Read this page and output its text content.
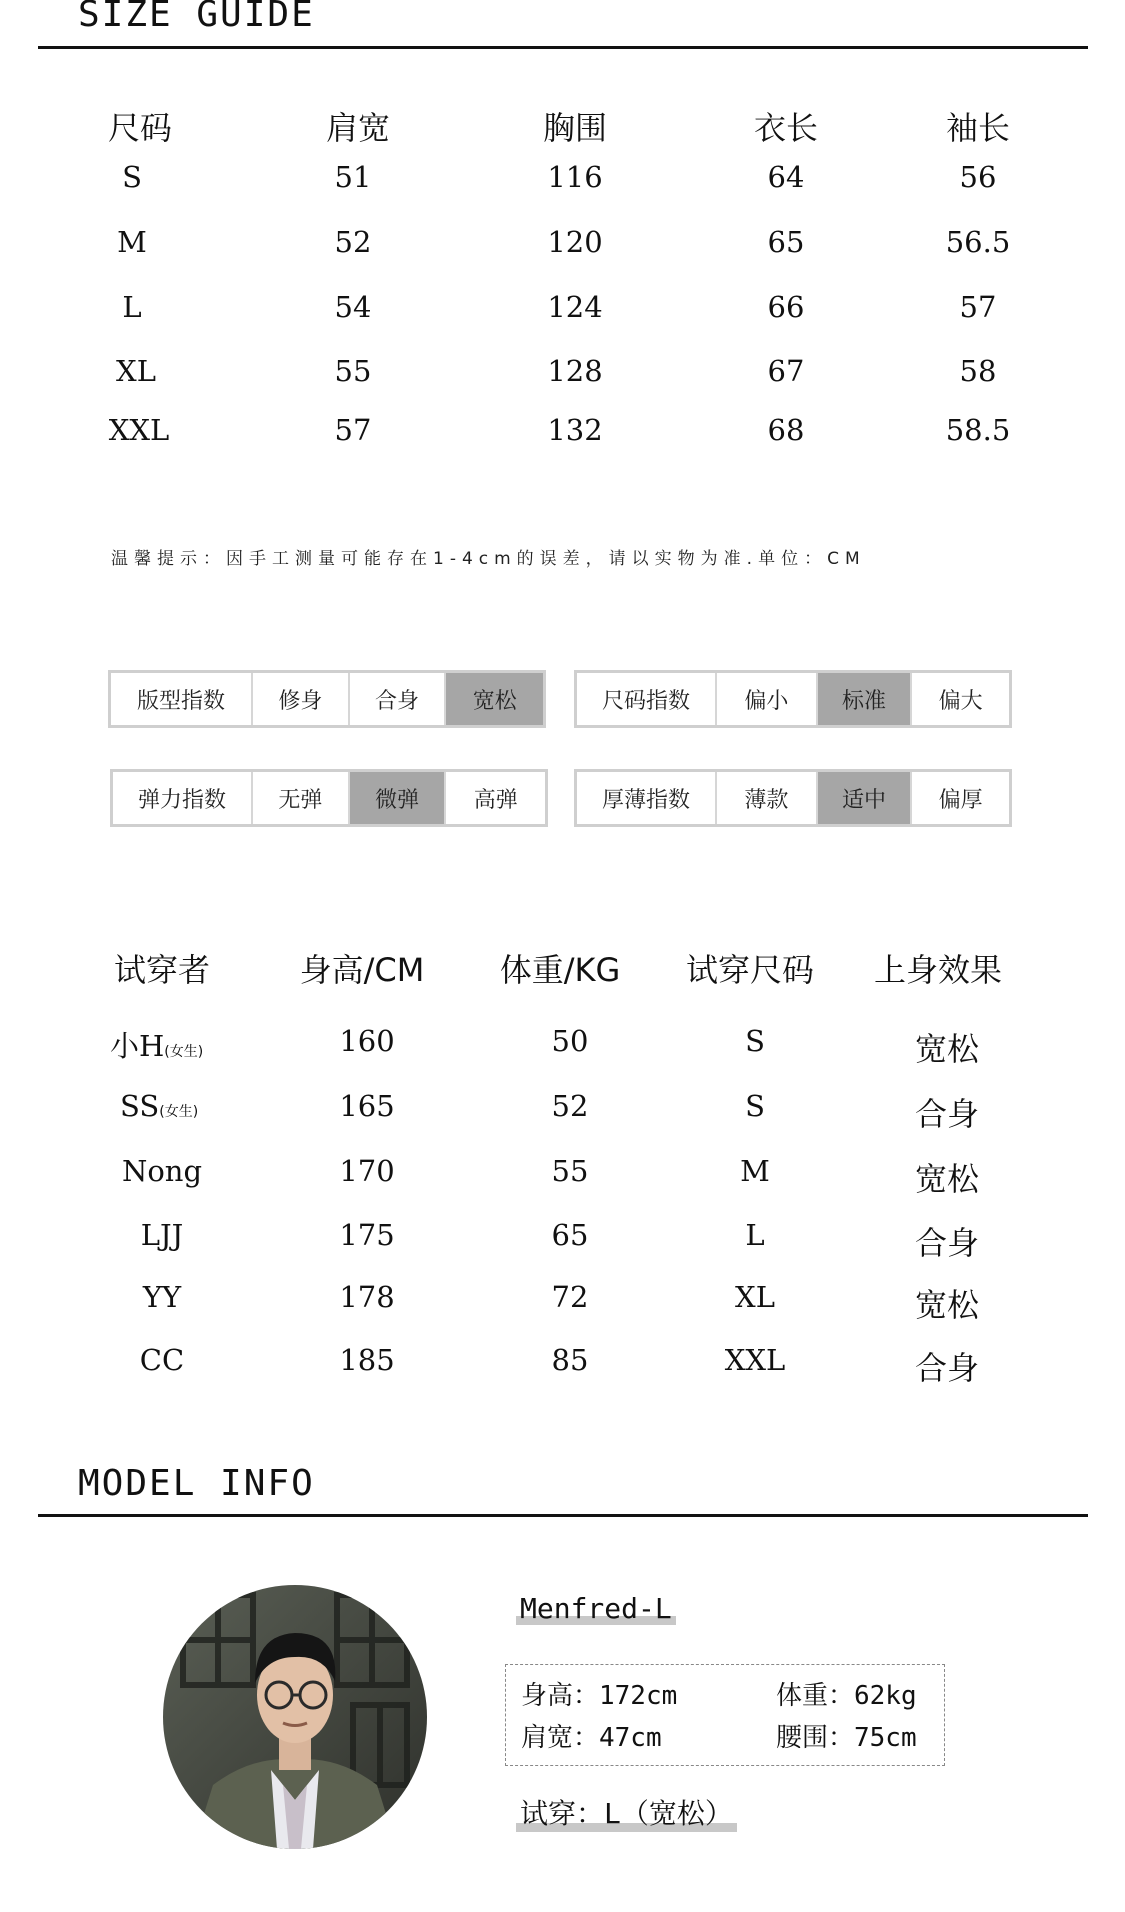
SIZE GUIDE
尺码	肩宽	胸围	衣长	袖长
S	51	116	64	56
M	52	120	65	56.5
L	54	124	66	57
XL	55	128	67	58
XXL	57	132	68	58.5
温馨提示：因手工测量可能存在1-4cm的误差，请以实物为准.单位：CM
版型指数	修身	合身	宽松	尺码指数	偏小	标准	偏大
弹力指数	无弹	微弹	高弹	厚薄指数	薄款	适中	偏厚
试穿者	身高/CM	体重/KG	试穿尺码	上身效果
小H(女生)	160	50	S	宽松
SS(女生)	165	52	S	合身
Nong	170	55	M	宽松
LJJ	175	65	L	合身
YY	178	72	XL	宽松
CC	185	85	XXL	合身
MODEL INFO
Menfred-L
身高：172cm	体重：62kg
肩宽：47cm	腰围：75cm
试穿：L（宽松）
